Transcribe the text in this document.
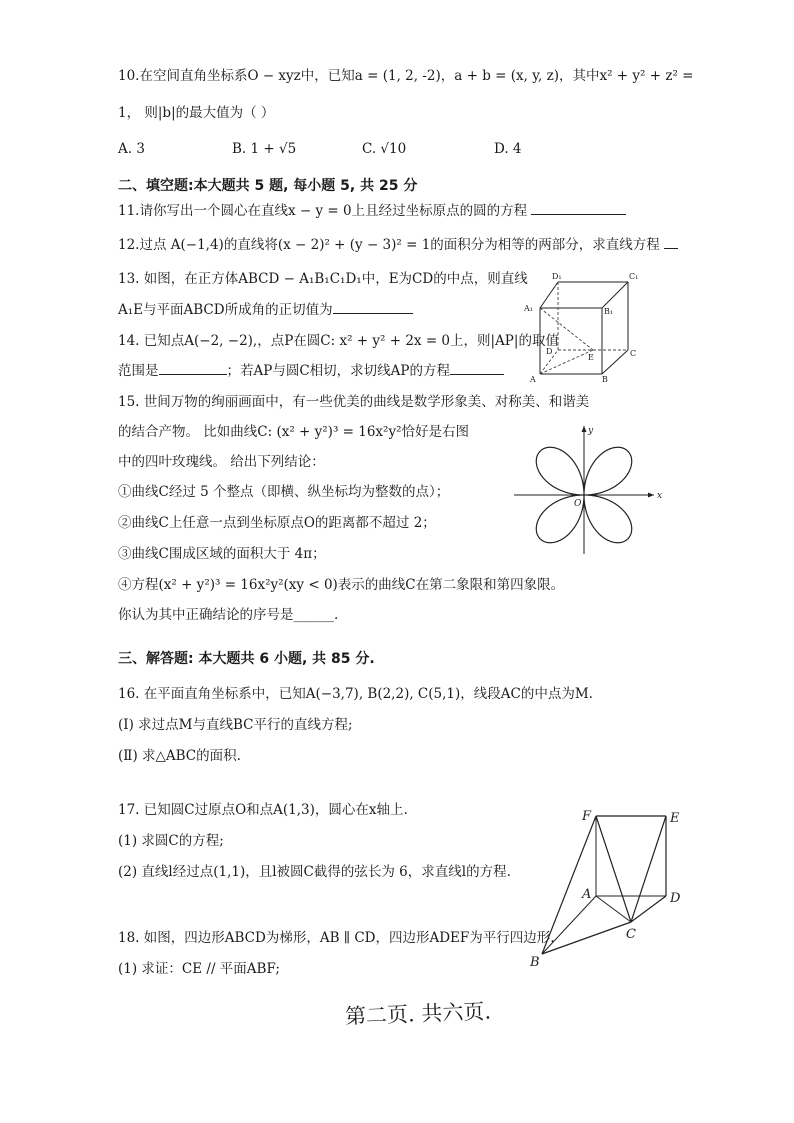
10.在空间直角坐标系O − xyz中，已知a = (1, 2, -2)，a + b = (x, y, z)，其中x² + y² + z² =
1， 则|b|的最大值为（ ）
A. 3	B. 1 + √5	C. √10	D. 4
二、填空题:本大题共 5 题, 每小题 5, 共 25 分
11.请你写出一个圆心在直线x − y = 0上且经过坐标原点的圆的方程
12.过点 A(−1,4)的直线将(x − 2)² + (y − 3)² = 1的面积分为相等的两部分，求直线方程
13. 如图，在正方体ABCD − A₁B₁C₁D₁中，E为CD的中点，则直线
A₁E与平面ABCD所成角的正切值为
14. 已知点A(−2, −2),，点P在圆C: x² + y² + 2x = 0上，则|AP|的取值
范围是	；若AP与圆C相切，求切线AP的方程
D₁	C₁
A₁	B₁
D	C
E
A	B
15. 世间万物的绚丽画面中，有一些优美的曲线是数学形象美、对称美、和谐美
的结合产物。 比如曲线C: (x² + y²)³ = 16x²y²恰好是右图
中的四叶玫瑰线。 给出下列结论：
①曲线C经过 5 个整点（即横、纵坐标均为整数的点）；
②曲线C上任意一点到坐标原点O的距离都不超过 2；
③曲线C围成区域的面积大于 4π；
④方程(x² + y²)³ = 16x²y²(xy < 0)表示的曲线C在第二象限和第四象限。
你认为其中正确结论的序号是______.
x
y
O
三、解答题: 本大题共 6 小题, 共 85 分.
16. 在平面直角坐标系中，已知A(−3,7), B(2,2), C(5,1)，线段AC的中点为M.
(Ⅰ) 求过点M与直线BC平行的直线方程;
(Ⅱ) 求△ABC的面积.
17. 已知圆C过原点O和点A(1,3)，圆心在x轴上.
(1) 求圆C的方程;
(2) 直线l经过点(1,1)，且l被圆C截得的弦长为 6，求直线l的方程.
18. 如图，四边形ABCD为梯形，AB ∥ CD，四边形ADEF为平行四边形.
(1) 求证：CE // 平面ABF;
F	E
A	D
C
B
第二页. 共六页.
